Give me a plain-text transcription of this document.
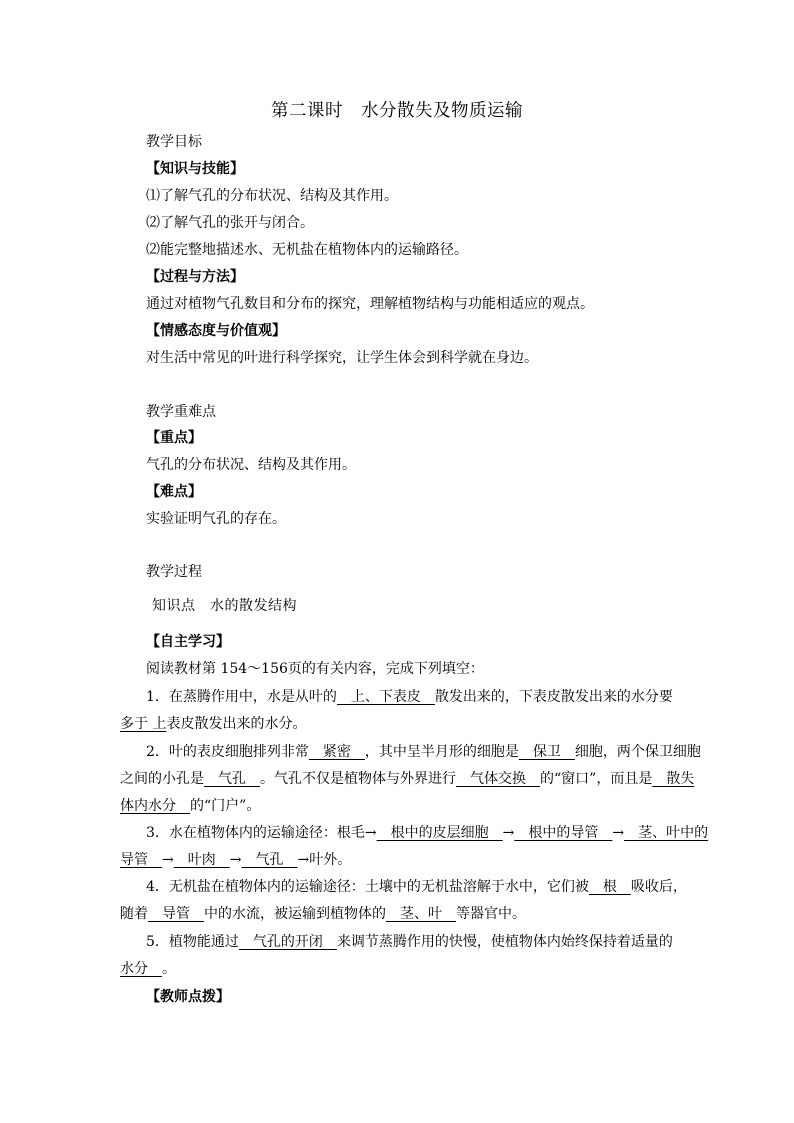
第二课时　水分散失及物质运输
教学目标
【知识与技能】
⑴了解气孔的分布状况、结构及其作用。
⑵了解气孔的张开与闭合。
⑵能完整地描述水、无机盐在植物体内的运输路径。
【过程与方法】
通过对植物气孔数目和分布的探究，理解植物结构与功能相适应的观点。
【情感态度与价值观】
对生活中常见的叶进行科学探究，让学生体会到科学就在身边。
教学重难点
【重点】
气孔的分布状况、结构及其作用。
【难点】
实验证明气孔的存在。
教学过程
知识点　水的散发结构
【自主学习】
阅读教材第 154～156页的有关内容，完成下列填空：
1．在蒸腾作用中，水是从叶的　上、下表皮　散发出来的，下表皮散发出来的水分要
多于 上表皮散发出来的水分。
2．叶的表皮细胞排列非常　紧密　，其中呈半月形的细胞是　保卫　细胞，两个保卫细胞
之间的小孔是　气孔　。气孔不仅是植物体与外界进行　气体交换　的“窗口”，而且是　散失
体内水分　的“门户”。
3．水在植物体内的运输途径：根毛→　根中的皮层细胞　→　根中的导管　→　茎、叶中的
导管　→　叶肉　→　气孔　→叶外。
4．无机盐在植物体内的运输途径：土壤中的无机盐溶解于水中，它们被　根　吸收后，
随着　导管　中的水流，被运输到植物体的　茎、叶　等器官中。
5．植物能通过　气孔的开闭　来调节蒸腾作用的快慢，使植物体内始终保持着适量的
水分　。
【教师点拨】
